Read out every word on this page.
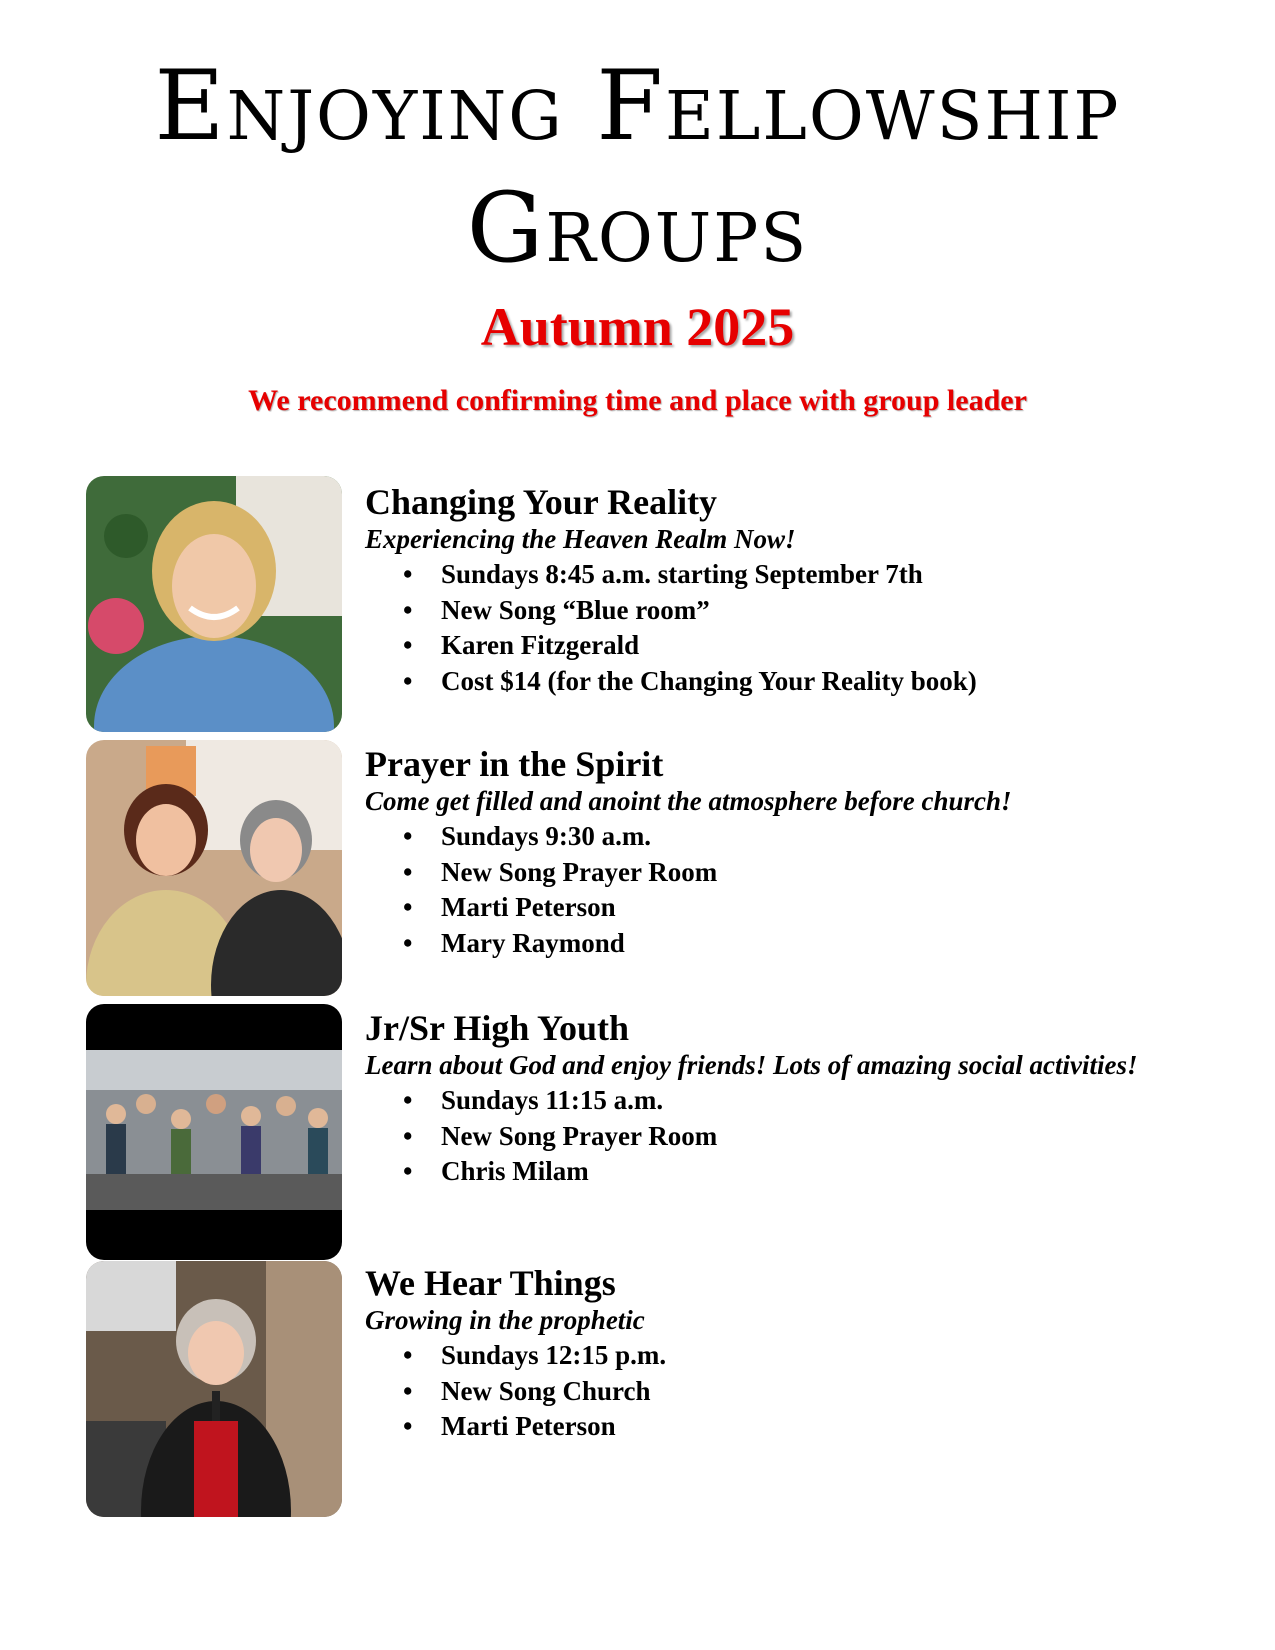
Enjoying Fellowship
Groups
Autumn 2025

We recommend confirming time and place with group leader

Changing Your Reality

Experiencing the Heaven Realm Now!

• Sundays 8:45 a.m. starting September 7th
• New Song “Blue room”
• Karen Fitzgerald
• Cost $14 (for the Changing Your Reality book)

Prayer in the Spirit

Come get filled and anoint the atmosphere before church!

• Sundays 9:30 a.m.
• New Song Prayer Room
• Marti Peterson
• Mary Raymond

Jr/Sr High Youth

Learn about God and enjoy friends! Lots of amazing social activities!

• Sundays 11:15 a.m.
• New Song Prayer Room
• Chris Milam

We Hear Things

Growing in the prophetic

• Sundays 12:15 p.m.
• New Song Church
• Marti Peterson
